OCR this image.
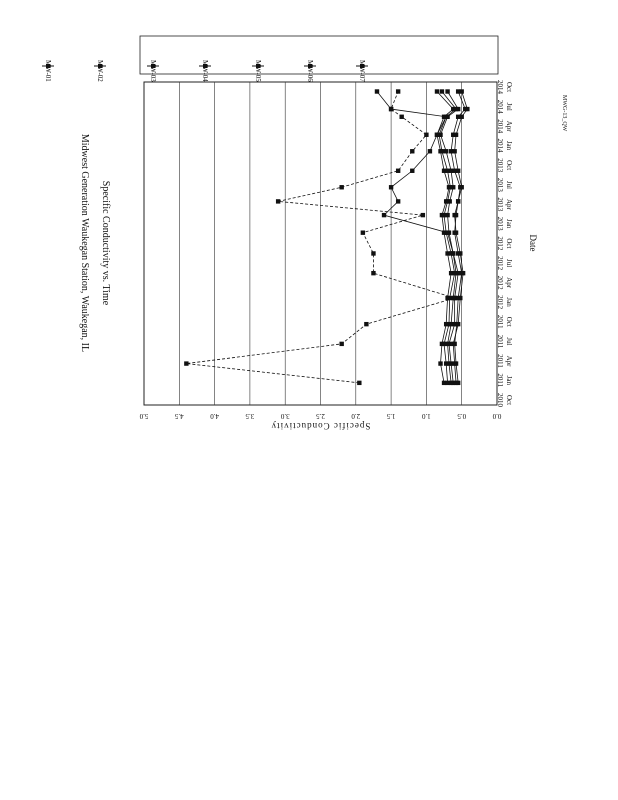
0.0
0.5
1.0
1.5
2.0
2.5
3.0
3.5
4.0
4.5
5.0
Oct
2010
Jan
2011
Apr
2011
Jul
2011
Oct
2011
Jan
2012
Apr
2012
Jul
2012
Oct
2012
Jan
2013
Apr
2013
Jul
2013
Oct
2013
Jan
2014
Apr
2014
Jul
2014
Oct
2014
Midwest Generation Waukegan Station, Waukegan, IL Specific Conductivity vs. Time	Date
Specific Conductivity
MW-01	MW-02	MW-03	MW-04	MW-05	MW-06	MW-07
MWG-13_QW
